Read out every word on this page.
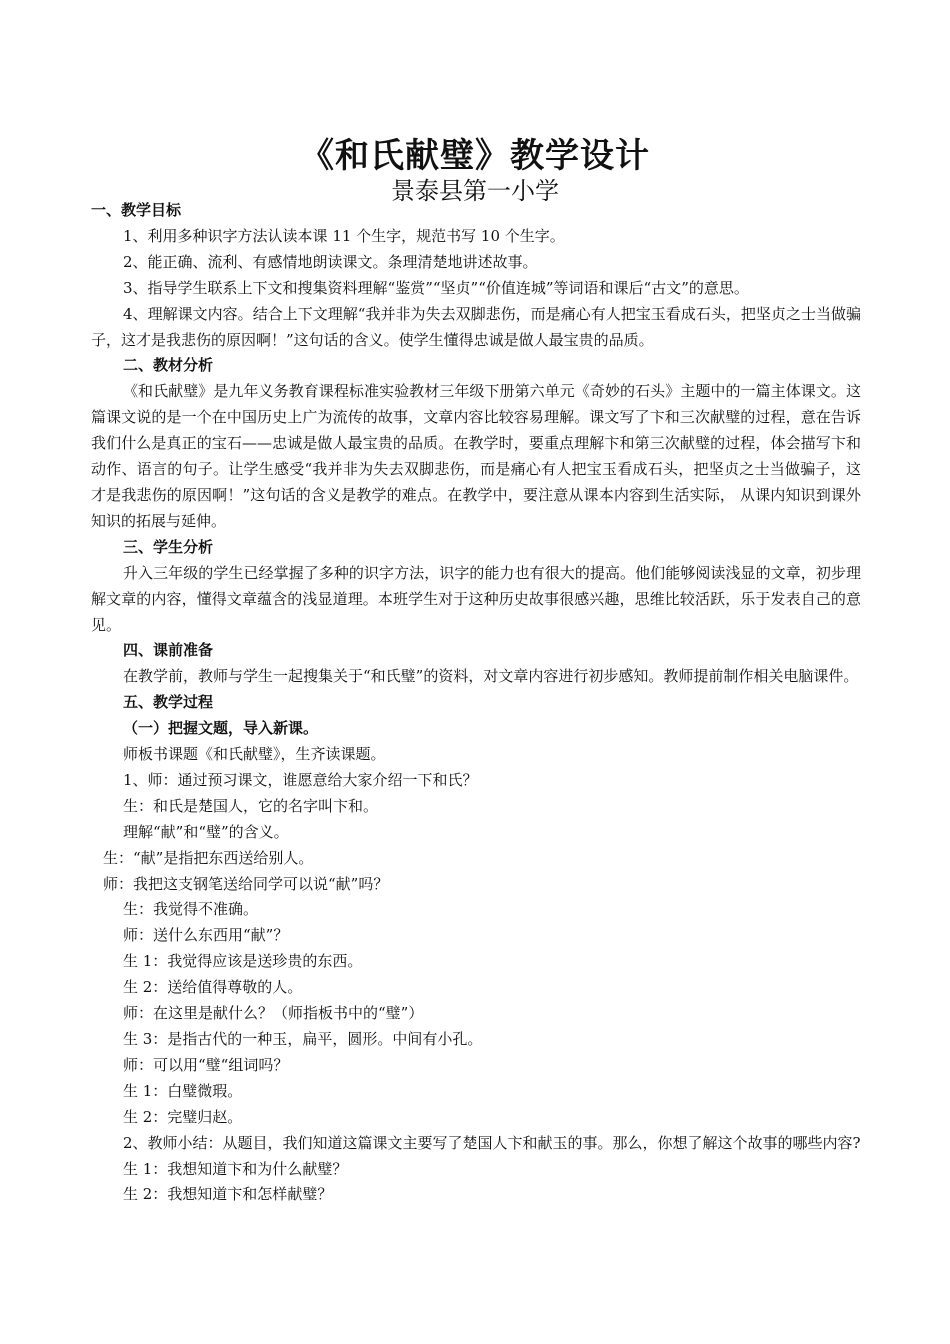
《和氏献璧》教学设计
景泰县第一小学

一、教学目标

1、利用多种识字方法认读本课 11 个生字，规范书写 10 个生字。

2、能正确、流利、有感情地朗读课文。条理清楚地讲述故事。

3、指导学生联系上下文和搜集资料理解“鉴赏”“坚贞”“价值连城”等词语和课后“古文”的意思。

4、理解课文内容。结合上下文理解“我并非为失去双脚悲伤，而是痛心有人把宝玉看成石头，把坚贞之士当做骗子，这才是我悲伤的原因啊！”这句话的含义。使学生懂得忠诚是做人最宝贵的品质。

二、教材分析

《和氏献璧》是九年义务教育课程标准实验教材三年级下册第六单元《奇妙的石头》主题中的一篇主体课文。这篇课文说的是一个在中国历史上广为流传的故事，文章内容比较容易理解。课文写了卞和三次献璧的过程，意在告诉我们什么是真正的宝石——忠诚是做人最宝贵的品质。在教学时，要重点理解卞和第三次献璧的过程，体会描写卞和动作、语言的句子。让学生感受“我并非为失去双脚悲伤，而是痛心有人把宝玉看成石头，把坚贞之士当做骗子，这才是我悲伤的原因啊！”这句话的含义是教学的难点。在教学中，要注意从课本内容到生活实际， 从课内知识到课外知识的拓展与延伸。

三、学生分析

升入三年级的学生已经掌握了多种的识字方法，识字的能力也有很大的提高。他们能够阅读浅显的文章，初步理解文章的内容，懂得文章蕴含的浅显道理。本班学生对于这种历史故事很感兴趣，思维比较活跃，乐于发表自己的意见。

四、课前准备

在教学前，教师与学生一起搜集关于“和氏璧”的资料，对文章内容进行初步感知。教师提前制作相关电脑课件。

五、教学过程

（一）把握文题，导入新课。

师板书课题《和氏献璧》，生齐读课题。

1、师：通过预习课文，谁愿意给大家介绍一下和氏？

生：和氏是楚国人，它的名字叫卞和。

理解“献”和“璧”的含义。

生：“献”是指把东西送给别人。

师：我把这支钢笔送给同学可以说“献”吗？

生：我觉得不准确。

师：送什么东西用“献”？

生 1：我觉得应该是送珍贵的东西。

生 2：送给值得尊敬的人。

师：在这里是献什么？（师指板书中的“璧”）

生 3：是指古代的一种玉，扁平，圆形。中间有小孔。

师：可以用“璧“组词吗？

生 1：白璧微瑕。

生 2：完璧归赵。

2、教师小结：从题目，我们知道这篇课文主要写了楚国人卞和献玉的事。那么，你想了解这个故事的哪些内容?

生 1：我想知道卞和为什么献璧？

生 2：我想知道卞和怎样献璧？
